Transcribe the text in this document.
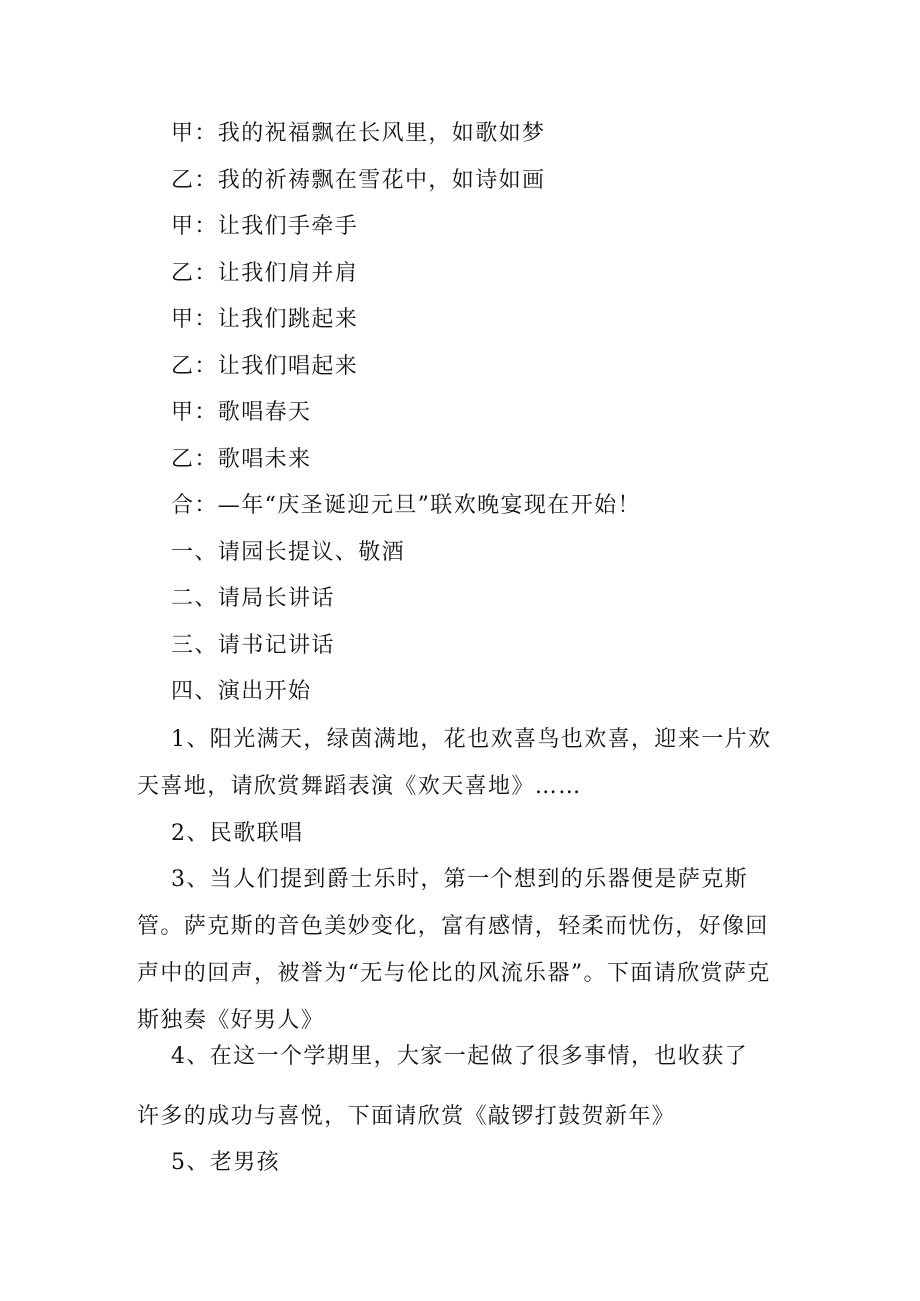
甲：我的祝福飘在长风里，如歌如梦
乙：我的祈祷飘在雪花中，如诗如画
甲：让我们手牵手
乙：让我们肩并肩
甲：让我们跳起来
乙：让我们唱起来
甲：歌唱春天
乙：歌唱未来
合：—年“庆圣诞迎元旦”联欢晚宴现在开始！
一、请园长提议、敬酒
二、请局长讲话
三、请书记讲话
四、演出开始

1、阳光满天，绿茵满地，花也欢喜鸟也欢喜，迎来一片欢天喜地，请欣赏舞蹈表演《欢天喜地》……

2、民歌联唱

3、当人们提到爵士乐时，第一个想到的乐器便是萨克斯管。萨克斯的音色美妙变化，富有感情，轻柔而忧伤，好像回声中的回声，被誉为“无与伦比的风流乐器”。下面请欣赏萨克斯独奏《好男人》

4、在这一个学期里，大家一起做了很多事情，也收获了
许多的成功与喜悦，下面请欣赏《敲锣打鼓贺新年》
5、老男孩
